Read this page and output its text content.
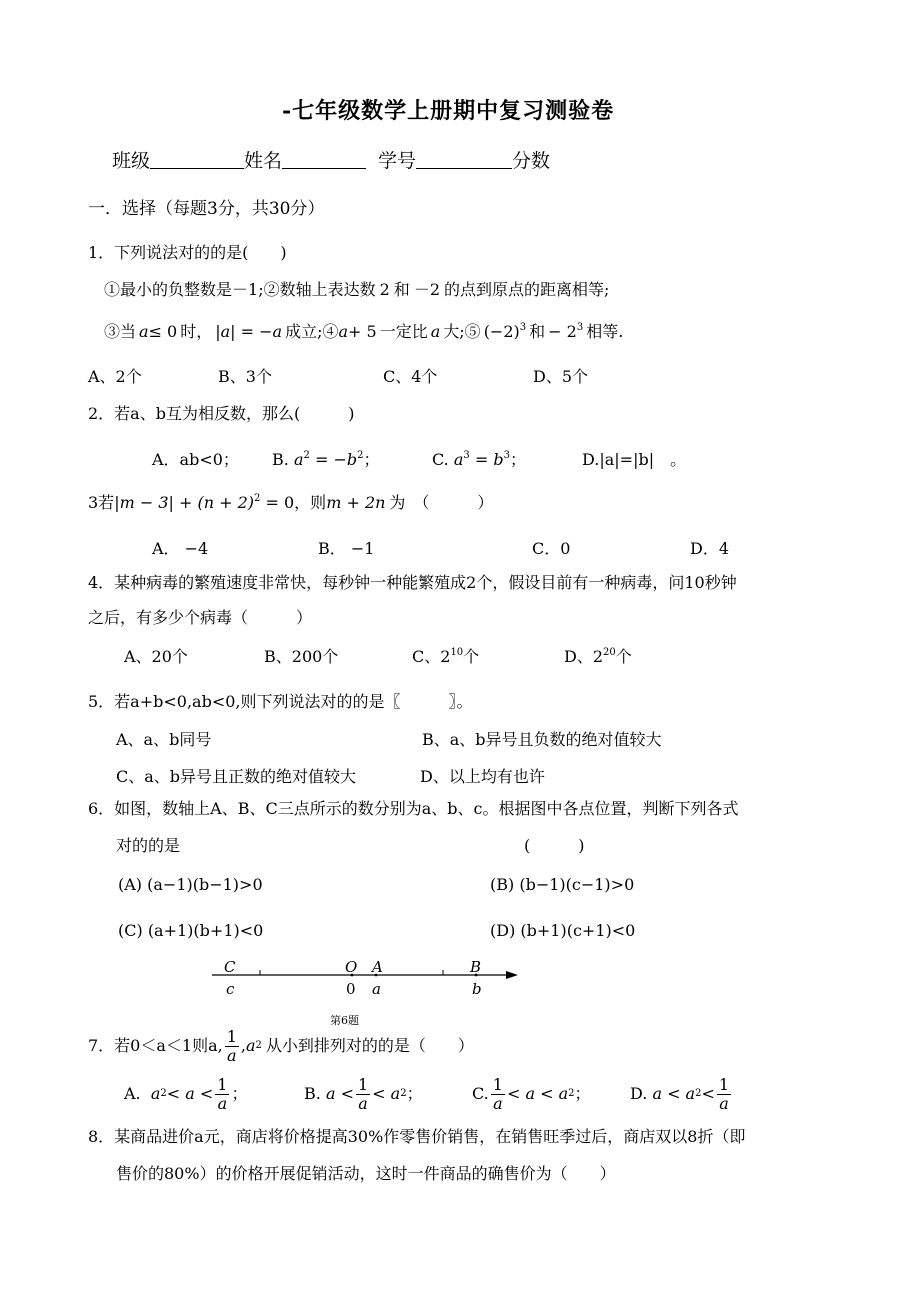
-七年级数学上册期中复习测验卷
班级	姓名	学号	分数
一．选择（每题3分，共30分）
1．下列说法对的的是(　　)
①最小的负整数是－1;②数轴上表达数 2 和 －2 的点到原点的距离相等;
③当 a≤ 0 时， |a| = −a 成立;④a+ 5 一定比 a 大;⑤ $(-2)^3$ 和 − $2^3$ 相等.
A、2个	B、3个	C、4个	D、5个
2．若a、b互为相反数，那么(　　　)
A．ab<0； B. $a^2 = -b^2$；	C. $a^3 = b^3$；	D.|a|=|b|　。
3若$|m - 3| + (n + 2)^2 = 0$，则m + 2n 为　（　　　）
A． −4	B． −1	C．0	D．4
4．某种病毒的繁殖速度非常快，每秒钟一种能繁殖成2个，假设目前有一种病毒，问10秒钟
之后，有多少个病毒（　　　）
A、20个	B、200个	C、$2^{10}$个	D、$2^{20}$个
5．若a+b<0,ab<0,则下列说法对的的是〖　　　〗。
A、a、b同号	B、a、b异号且负数的绝对值较大
C、a、b异号且正数的绝对值较大	D、以上均有也许
6．如图，数轴上A、B、C三点所示的数分别为a、b、c。根据图中各点位置，判断下列各式
对的的是	(　　　)
(A) (a−1)(b−1)>0	(B) (b−1)(c−1)>0
(C) (a+1)(b+1)<0	(D) (b+1)(c+1)<0
C	O A	B
c	0 a	b
第6题
7．若0＜a＜1则a, $\frac{1}{a}$ , a 2 从小到排列对的的是（　　）
A.
a $2 < a < \frac{1}{a}$ ；	B.
$a < \frac{1}{a} < a$ 2 ；	C. $\frac{1}{a} < a < a$ 2 ； D.
a < a $2 < \frac{1}{a}$
8．某商品进价a元，商店将价格提高30%作零售价销售，在销售旺季过后，商店双以8折（即
售价的80%）的价格开展促销活动，这时一件商品的确售价为（　　）
